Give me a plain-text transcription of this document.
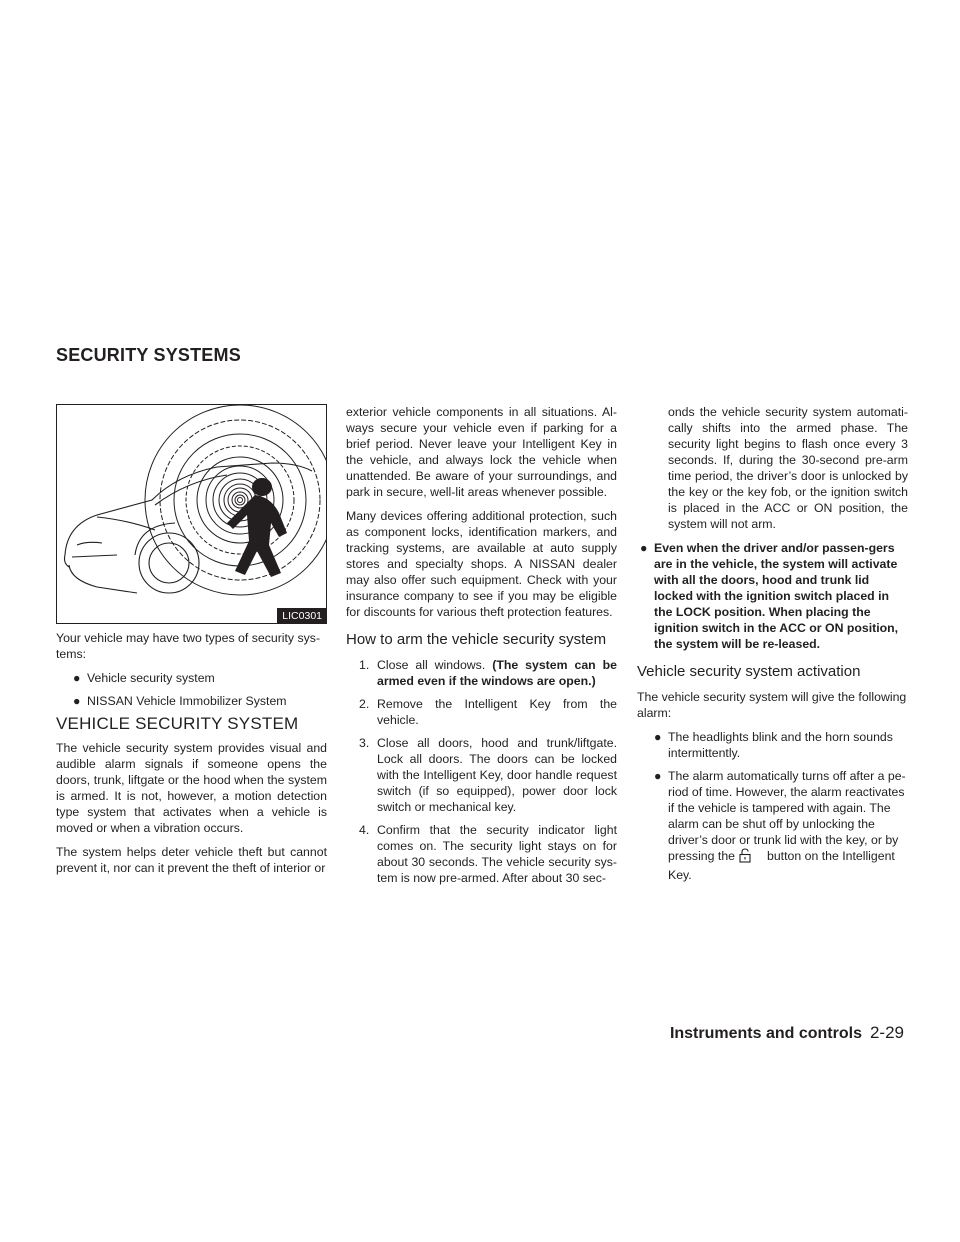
SECURITY SYSTEMS
LIC0301

Your vehicle may have two types of security sys-tems:

● Vehicle security system
● NISSAN Vehicle Immobilizer System
VEHICLE SECURITY SYSTEM

The vehicle security system provides visual and audible alarm signals if someone opens the doors, trunk, liftgate or the hood when the system is armed. It is not, however, a motion detection type system that activates when a vehicle is moved or when a vibration occurs.

The system helps deter vehicle theft but cannot prevent it, nor can it prevent the theft of interior or

exterior vehicle components in all situations. Al-ways secure your vehicle even if parking for a brief period. Never leave your Intelligent Key in the vehicle, and always lock the vehicle when unattended. Be aware of your surroundings, and park in secure, well-lit areas whenever possible.

Many devices offering additional protection, such as component locks, identification markers, and tracking systems, are available at auto supply stores and specialty shops. A NISSAN dealer may also offer such equipment. Check with your insurance company to see if you may be eligible for discounts for various theft protection features.

How to arm the vehicle security system
1. Close all windows. (The system can be armed even if the windows are open.)
2. Remove the Intelligent Key from the vehicle.
3. Close all doors, hood and trunk/liftgate. Lock all doors. The doors can be locked with the Intelligent Key, door handle request switch (if so equipped), power door lock switch or mechanical key.
4. Confirm that the security indicator light comes on. The security light stays on for about 30 seconds. The vehicle security sys-tem is now pre-armed. After about 30 sec-

onds the vehicle security system automati-cally shifts into the armed phase. The security light begins to flash once every 3 seconds. If, during the 30-second pre-arm time period, the driver’s door is unlocked by the key or the key fob, or the ignition switch is placed in the ACC or ON position, the system will not arm.

● Even when the driver and/or passen-gers are in the vehicle, the system will activate with all the doors, hood and trunk lid locked with the ignition switch placed in the LOCK position. When placing the ignition switch in the ACC or ON position, the system will be re-leased.
Vehicle security system activation

The vehicle security system will give the following alarm:

● The headlights blink and the horn sounds intermittently.
● The alarm automatically turns off after a pe-riod of time. However, the alarm reactivates if the vehicle is tampered with again. The alarm can be shut off by unlocking the driver’s door or trunk lid with the key, or by pressing the	button on the Intelligent Key.
Instruments and controls 2-29
